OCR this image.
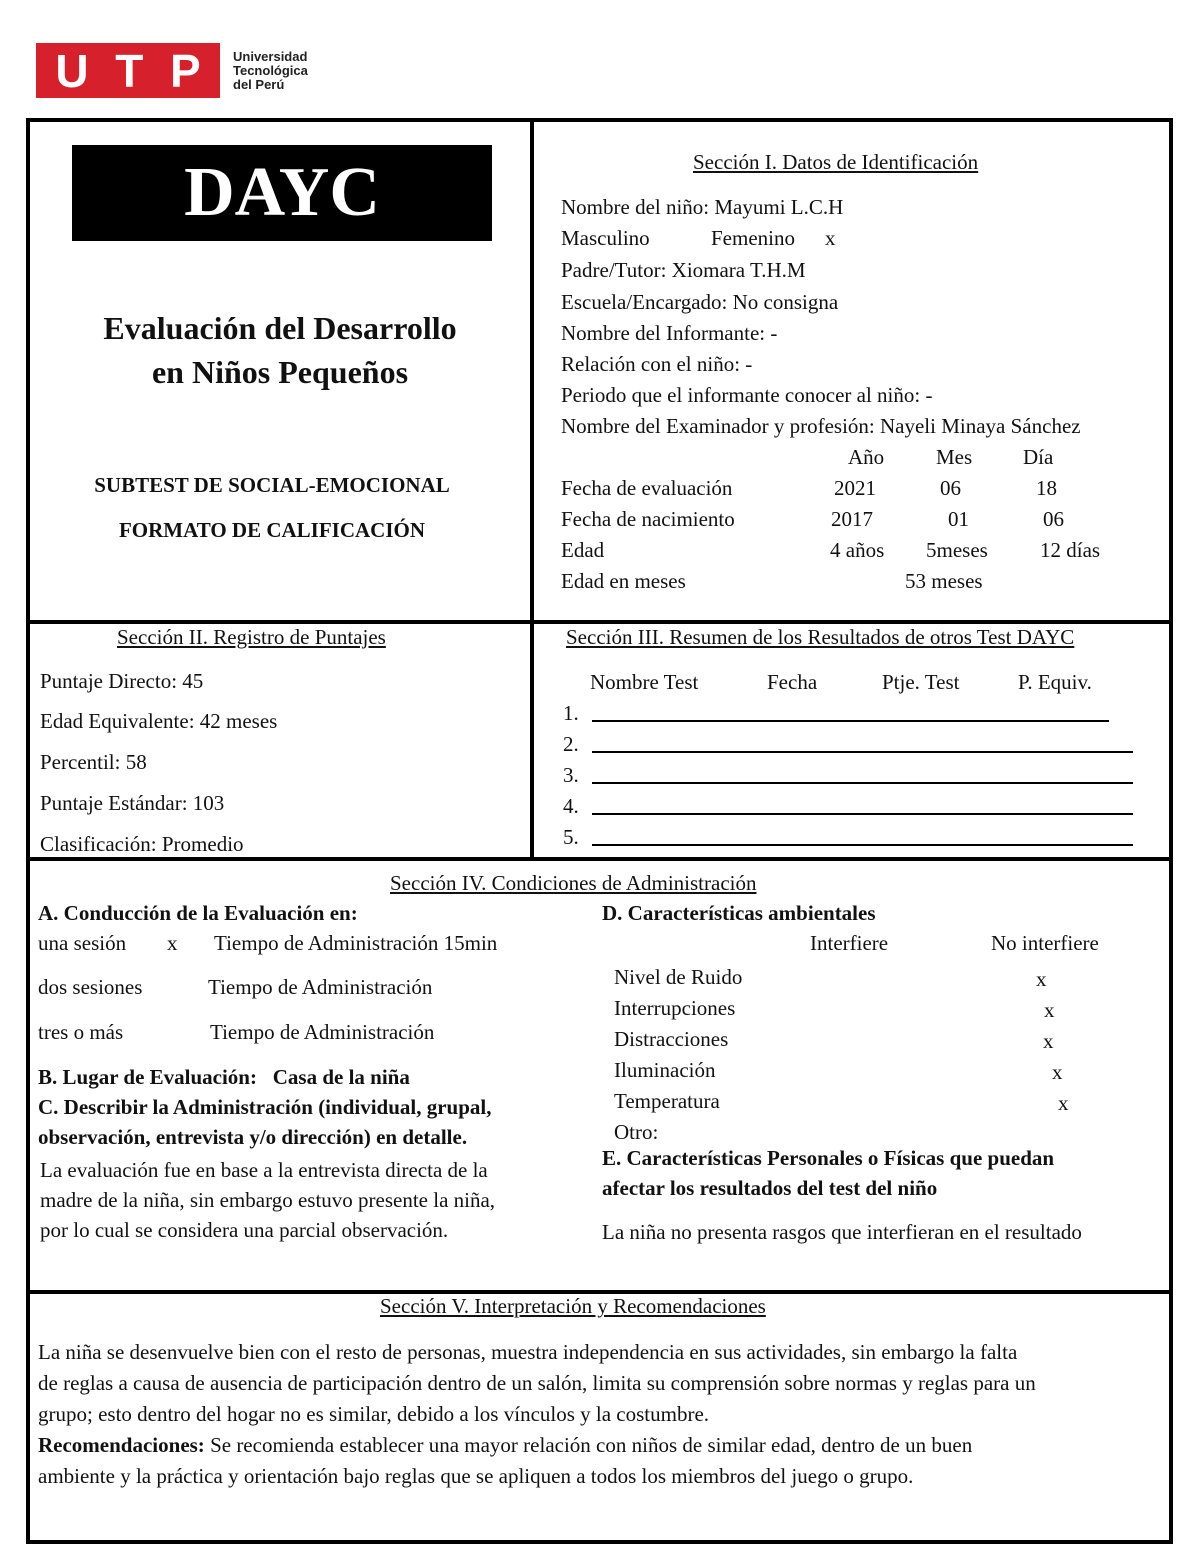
U T P Universidad
Tecnológica
del Perú
DAYC
Evaluación del Desarrollo
en Niños Pequeños
SUBTEST DE SOCIAL-EMOCIONAL
FORMATO DE CALIFICACIÓN
Sección I. Datos de Identificación
Nombre del niño: Mayumi L.C.H
Masculino	Femenino x
Padre/Tutor: Xiomara T.H.M
Escuela/Encargado: No consigna
Nombre del Informante: -
Relación con el niño: -
Periodo que el informante conocer al niño: -
Nombre del Examinador y profesión: Nayeli Minaya Sánchez
Año Mes Día
Fecha de evaluación	2021	06	18
Fecha de nacimiento	2017	01	06
Edad	4 años 5meses 12 días
Edad en meses	53 meses
Sección II. Registro de Puntajes
Puntaje Directo: 45
Edad Equivalente: 42 meses
Percentil: 58
Puntaje Estándar: 103
Clasificación: Promedio
Sección III. Resumen de los Resultados de otros Test DAYC
Nombre Test	Fecha	Ptje. Test	P. Equiv.
1.
2.
3.
4.
5.
Sección IV. Condiciones de Administración
A. Conducción de la Evaluación en:
una sesión x Tiempo de Administración 15min
dos sesiones	Tiempo de Administración
tres o más	Tiempo de Administración
B. Lugar de Evaluación:   Casa de la niña
C. Describir la Administración (individual, grupal,
observación, entrevista y/o dirección) en detalle.
La evaluación fue en base a la entrevista directa de la
madre de la niña, sin embargo estuvo presente la niña,
por lo cual se considera una parcial observación.
D. Características ambientales
Interfiere	No interfiere
Nivel de Ruido	x
Interrupciones	x
Distracciones	x
Iluminación	x
Temperatura	x
Otro:
E. Características Personales o Físicas que puedan
afectar los resultados del test del niño
La niña no presenta rasgos que interfieran en el resultado
Sección V. Interpretación y Recomendaciones
La niña se desenvuelve bien con el resto de personas, muestra independencia en sus actividades, sin embargo la falta
de reglas a causa de ausencia de participación dentro de un salón, limita su comprensión sobre normas y reglas para un
grupo; esto dentro del hogar no es similar, debido a los vínculos y la costumbre.
Recomendaciones: Se recomienda establecer una mayor relación con niños de similar edad, dentro de un buen
ambiente y la práctica y orientación bajo reglas que se apliquen a todos los miembros del juego o grupo.
